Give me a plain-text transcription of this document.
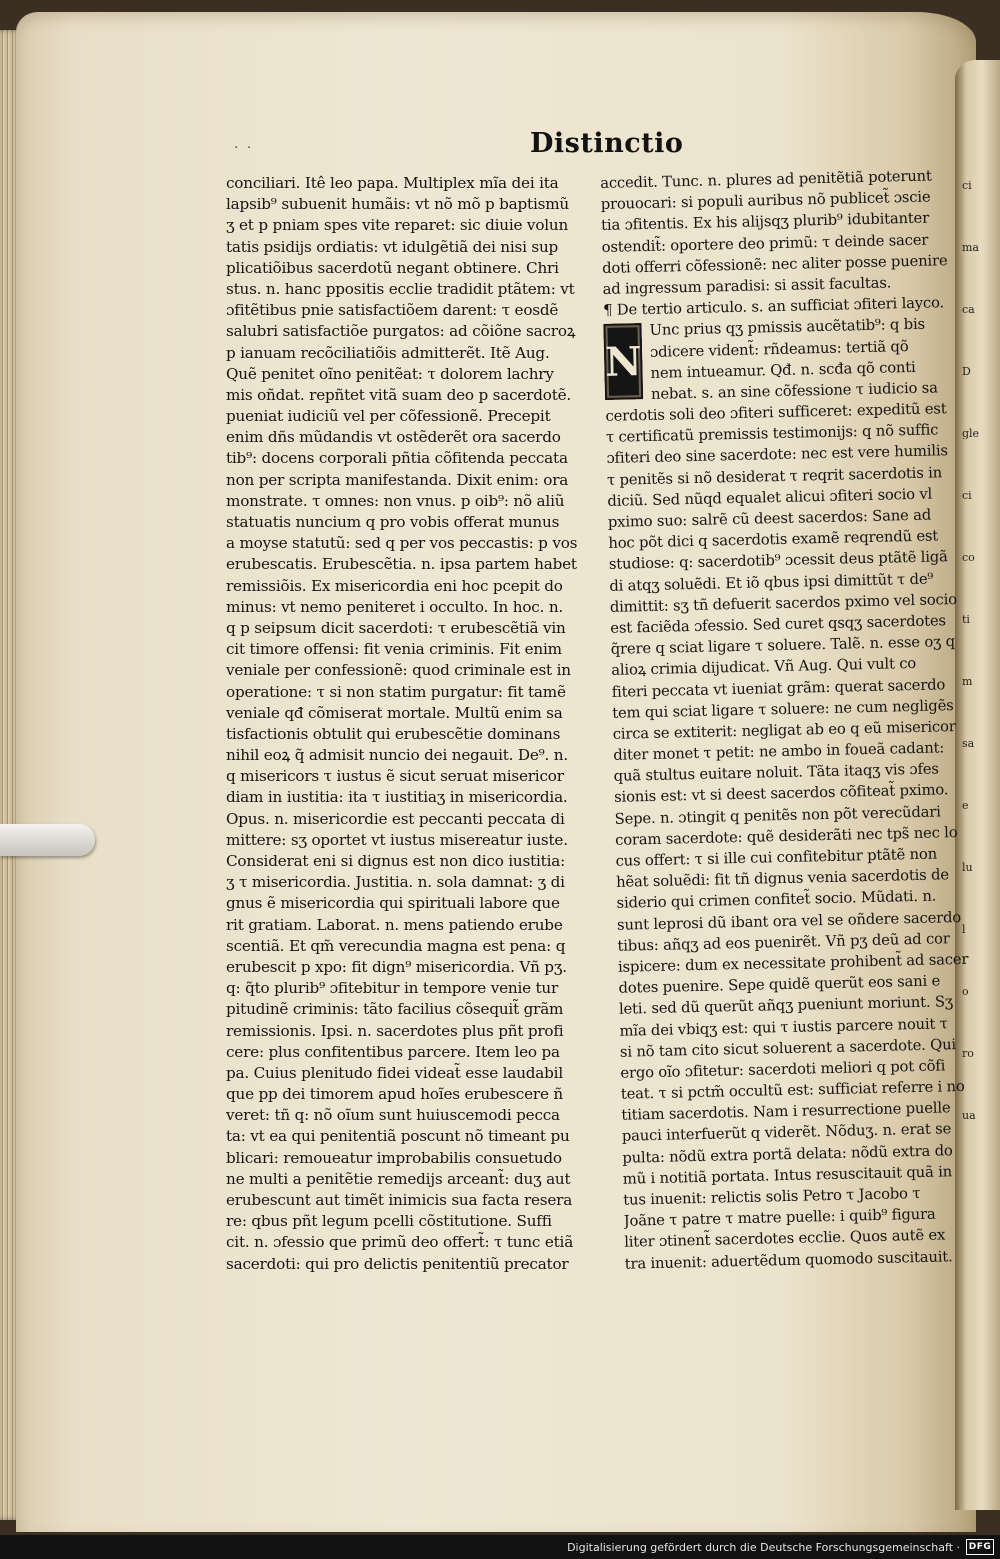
ci
ma
ca
D
gle
ci
co
ti
m
sa
e
lu
l
o
ro
ua
· ·	Distinctio
conciliari. Itê leo papa. Multiplex mĩa dei ita
lapsib⁹ subuenit humãis: vt nõ mõ p baptismũ
ʒ et p pniam spes vite reparet: sic diuie volun
tatis psidijs ordiatis: vt idulgẽtiã dei nisi sup
plicatiõibus sacerdotũ negant obtinere. Chri
stus. n. hanc ppositis ecclie tradidit ptãtem: vt
ɔfitẽtibus pnie satisfactiõem darent: τ eosdẽ
salubri satisfactiõe purgatos: ad cõiõne sacroꝝ
p ianuam recõciliatiõis admitterẽt. Itẽ Aug.
Quẽ penitet oĩno penitẽat: τ dolorem lachry
mis oñdat. repñtet vitã suam deo p sacerdotẽ.
pueniat iudiciũ vel per cõfessionẽ. Precepit
enim dñs mũdandis vt ostẽderẽt ora sacerdo
tib⁹: docens corporali pñtia cõfitenda peccata
non per scripta manifestanda. Dixit enim: ora
monstrate. τ omnes: non vnus. p oib⁹: nõ aliũ
statuatis nuncium q pro vobis offerat munus
a moyse statutũ: sed q per vos peccastis: p vos
erubescatis. Erubescẽtia. n. ipsa partem habet
remissiõis. Ex misericordia eni hoc pcepit do
minus: vt nemo peniteret i occulto. In hoc. n.
q p seipsum dicit sacerdoti: τ erubescẽtiã vin
cit timore offensi: fit venia criminis. Fit enim
veniale per confessionẽ: quod criminale est in
operatione: τ si non statim purgatur: fit tamẽ
veniale qđ cõmiserat mortale. Multũ enim sa
tisfactionis obtulit qui erubescẽtie dominans
nihil eoꝝ q̃ admisit nuncio dei negauit. De⁹. n.
q misericors τ iustus ẽ sicut seruat misericor
diam in iustitia: ita τ iustitiaʒ in misericordia.
Opus. n. misericordie est peccanti peccata di
mittere: sʒ oportet vt iustus misereatur iuste.
Considerat eni si dignus est non dico iustitia:
ʒ τ misericordia. Justitia. n. sola damnat: ʒ di
gnus ẽ misericordia qui spirituali labore que
rit gratiam. Laborat. n. mens patiendo erube
scentiã. Et qm̃ verecundia magna est pena: q
erubescit p xpo: fit dign⁹ misericordia. Vñ pʒ.
q: q̃to plurib⁹ ɔfitebitur in tempore venie tur
pitudinẽ criminis: tãto facilius cõsequit̃ grãm
remissionis. Ipsi. n. sacerdotes plus pñt profi
cere: plus confitentibus parcere. Item leo pa
pa. Cuius plenitudo fidei videat̃ esse laudabil
que pp dei timorem apud hoĩes erubescere ñ
veret: tñ q: nõ oĩum sunt huiuscemodi pecca
ta: vt ea qui penitentiã poscunt nõ timeant pu
blicari: remoueatur improbabilis consuetudo
ne multi a penitẽtie remedijs arceant̃: duʒ aut
erubescunt aut timẽt inimicis sua facta resera
re: qbus pñt legum pcelli cõstitutione. Suffi
cit. n. ɔfessio que primũ deo offert̃: τ tunc etiã
sacerdoti: qui pro delictis penitentiũ precator
accedit. Tunc. n. plures ad penitẽtiã poterunt
prouocari: si populi auribus nõ publicet̃ ɔscie
tia ɔfitentis. Ex his alijsqʒ plurib⁹ idubitanter
ostendit̃: oportere deo primũ: τ deinde sacer
doti offerri cõfessionẽ: nec aliter posse puenire
ad ingressum paradisi: si assit facultas.
¶ De tertio articulo. s. an sufficiat ɔfiteri layco.
N
Unc prius qʒ pmissis aucẽtatib⁹: q bis
ɔdicere vident̃: rñdeamus: tertiã qõ
nem intueamur. Qđ. n. scđa qõ conti
nebat. s. an sine cõfessione τ iudicio sa
cerdotis soli deo ɔfiteri sufficeret: expeditũ est
τ certificatũ premissis testimonijs: q nõ suffic
ɔfiteri deo sine sacerdote: nec est vere humilis
τ penitẽs si nõ desiderat τ reqrit sacerdotis in
diciũ. Sed nũqd equalet alicui ɔfiteri socio vl
pximo suo: salrẽ cũ deest sacerdos: Sane ad
hoc põt dici q sacerdotis examẽ reqrendũ est
studiose: q: sacerdotib⁹ ɔcessit deus ptãtẽ ligã
di atqʒ soluẽdi. Et iõ qbus ipsi dimittũt τ de⁹
dimittit: sʒ tñ defuerit sacerdos pximo vel socio
est faciẽda ɔfessio. Sed curet qsqʒ sacerdotes
q̃rere q sciat ligare τ soluere. Talẽ. n. esse oʒ q
alioꝝ crimia dijudicat. Vñ Aug. Qui vult co
fiteri peccata vt iueniat grãm: querat sacerdo
tem qui sciat ligare τ soluere: ne cum negligẽs
circa se extiterit: negligat ab eo q eũ misericor
diter monet τ petit: ne ambo in foueã cadant:
quã stultus euitare noluit. Tãta itaqʒ vis ɔfes
sionis est: vt si deest sacerdos cõfiteat̃ pximo.
Sepe. n. ɔtingit q penitẽs non põt verecũdari
coram sacerdote: quẽ desiderãti nec tps̃ nec lo
cus offert: τ si ille cui confitebitur ptãtẽ non
hẽat soluẽdi: fit tñ dignus venia sacerdotis de
siderio qui crimen confitet̃ socio. Mũdati. n.
sunt leprosi dũ ibant ora vel se oñdere sacerdo
tibus: añqʒ ad eos puenirẽt. Vñ pʒ deũ ad cor
ispicere: dum ex necessitate prohibent̃ ad sacer
dotes puenire. Sepe quidẽ querũt eos sani e
leti. sed dũ querũt añqʒ pueniunt moriunt. Sʒ
mĩa dei vbiqʒ est: qui τ iustis parcere nouit τ
si nõ tam cito sicut soluerent a sacerdote. Qui
ergo oĩo ɔfitetur: sacerdoti meliori q pot cõfi
teat. τ si pctm̃ occultũ est: sufficiat referre i no
titiam sacerdotis. Nam i resurrectione puelle
pauci interfuerũt q viderẽt. Nõduʒ. n. erat se
pulta: nõdũ extra portã delata: nõdũ extra do
mũ i notitiã portata. Intus resuscitauit quã in
tus inuenit: relictis solis Petro τ Jacobo τ
Joãne τ patre τ matre puelle: i quib⁹ figura
liter ɔtinent̃ sacerdotes ecclie. Quos autẽ ex
tra inuenit: aduertẽdum quomodo suscitauit.
Digitalisierung gefördert durch die Deutsche Forschungsgemeinschaft · DFG
